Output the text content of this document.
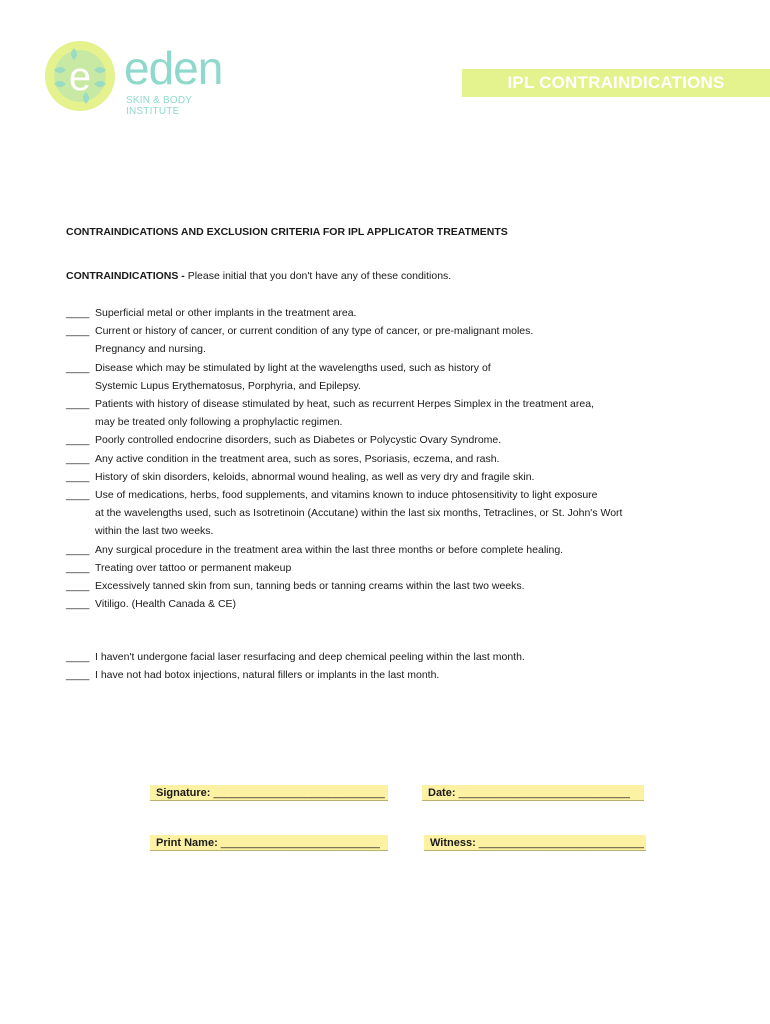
e eden
SKIN & BODY INSTITUTE
IPL CONTRAINDICATIONS
CONTRAINDICATIONS AND EXCLUSION CRITERIA FOR IPL APPLICATOR TREATMENTS
CONTRAINDICATIONS - Please initial that you don't have any of these conditions.
____ Superficial metal or other implants in the treatment area.
____ Current or history of cancer, or current condition of any type of cancer, or pre-malignant moles.
Pregnancy and nursing.
____ Disease which may be stimulated by light at the wavelengths used, such as history of
Systemic Lupus Erythematosus, Porphyria, and Epilepsy.
____ Patients with history of disease stimulated by heat, such as recurrent Herpes Simplex in the treatment area,
may be treated only following a prophylactic regimen.
____ Poorly controlled endocrine disorders, such as Diabetes or Polycystic Ovary Syndrome.
____ Any active condition in the treatment area, such as sores, Psoriasis, eczema, and rash.
____ History of skin disorders, keloids, abnormal wound healing, as well as very dry and fragile skin.
____ Use of medications, herbs, food supplements, and vitamins known to induce phtosensitivity to light exposure
at the wavelengths used, such as Isotretinoin (Accutane) within the last six months, Tetraclines, or St. John's Wort
within the last two weeks.
____ Any surgical procedure in the treatment area within the last three months or before complete healing.
____ Treating over tattoo or permanent makeup
____ Excessively tanned skin from sun, tanning beds or tanning creams within the last two weeks.
____ Vitiligo. (Health Canada & CE)
____ I haven't undergone facial laser resurfacing and deep chemical peeling within the last month.
____ I have not had botox injections, natural fillers or implants in the last month.
Signature: ____________________________	Date: ____________________________
Print Name: __________________________	Witness: ___________________________
